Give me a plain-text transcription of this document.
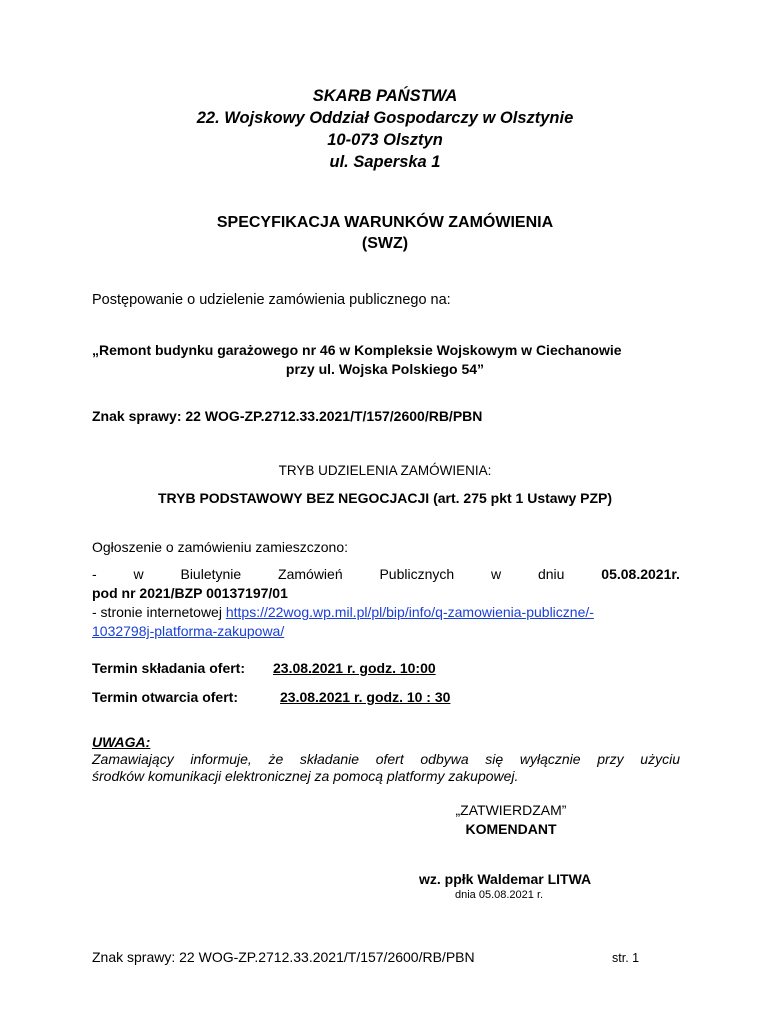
SKARB PAŃSTWA
22. Wojskowy Oddział Gospodarczy w Olsztynie
10-073 Olsztyn
ul. Saperska 1
SPECYFIKACJA WARUNKÓW ZAMÓWIENIA
(SWZ)
Postępowanie o udzielenie zamówienia publicznego na:
„Remont budynku garażowego nr 46 w Kompleksie Wojskowym w Ciechanowie
przy ul. Wojska Polskiego 54”
Znak sprawy: 22 WOG-ZP.2712.33.2021/T/157/2600/RB/PBN
TRYB UDZIELENIA ZAMÓWIENIA:
TRYB PODSTAWOWY BEZ NEGOCJACJI (art. 275 pkt 1 Ustawy PZP)
Ogłoszenie o zamówieniu zamieszczono:
-	w	Biuletynie	Zamówień	Publicznych	w	dniu	05.08.2021r.
pod nr 2021/BZP 00137197/01
- stronie internetowej https://22wog.wp.mil.pl/pl/bip/info/q-zamowienia-publiczne/-
1032798j-platforma-zakupowa/
Termin składania ofert: 23.08.2021 r. godz. 10:00
Termin otwarcia ofert:	23.08.2021 r. godz. 10 : 30
UWAGA:
Zamawiający informuje, że składanie ofert odbywa się wyłącznie przy użyciu
środków komunikacji elektronicznej za pomocą platformy zakupowej.
„ZATWIERDZAM”
KOMENDANT
wz. ppłk Waldemar LITWA
dnia 05.08.2021 r.
Znak sprawy: 22 WOG-ZP.2712.33.2021/T/157/2600/RB/PBN	str. 1
